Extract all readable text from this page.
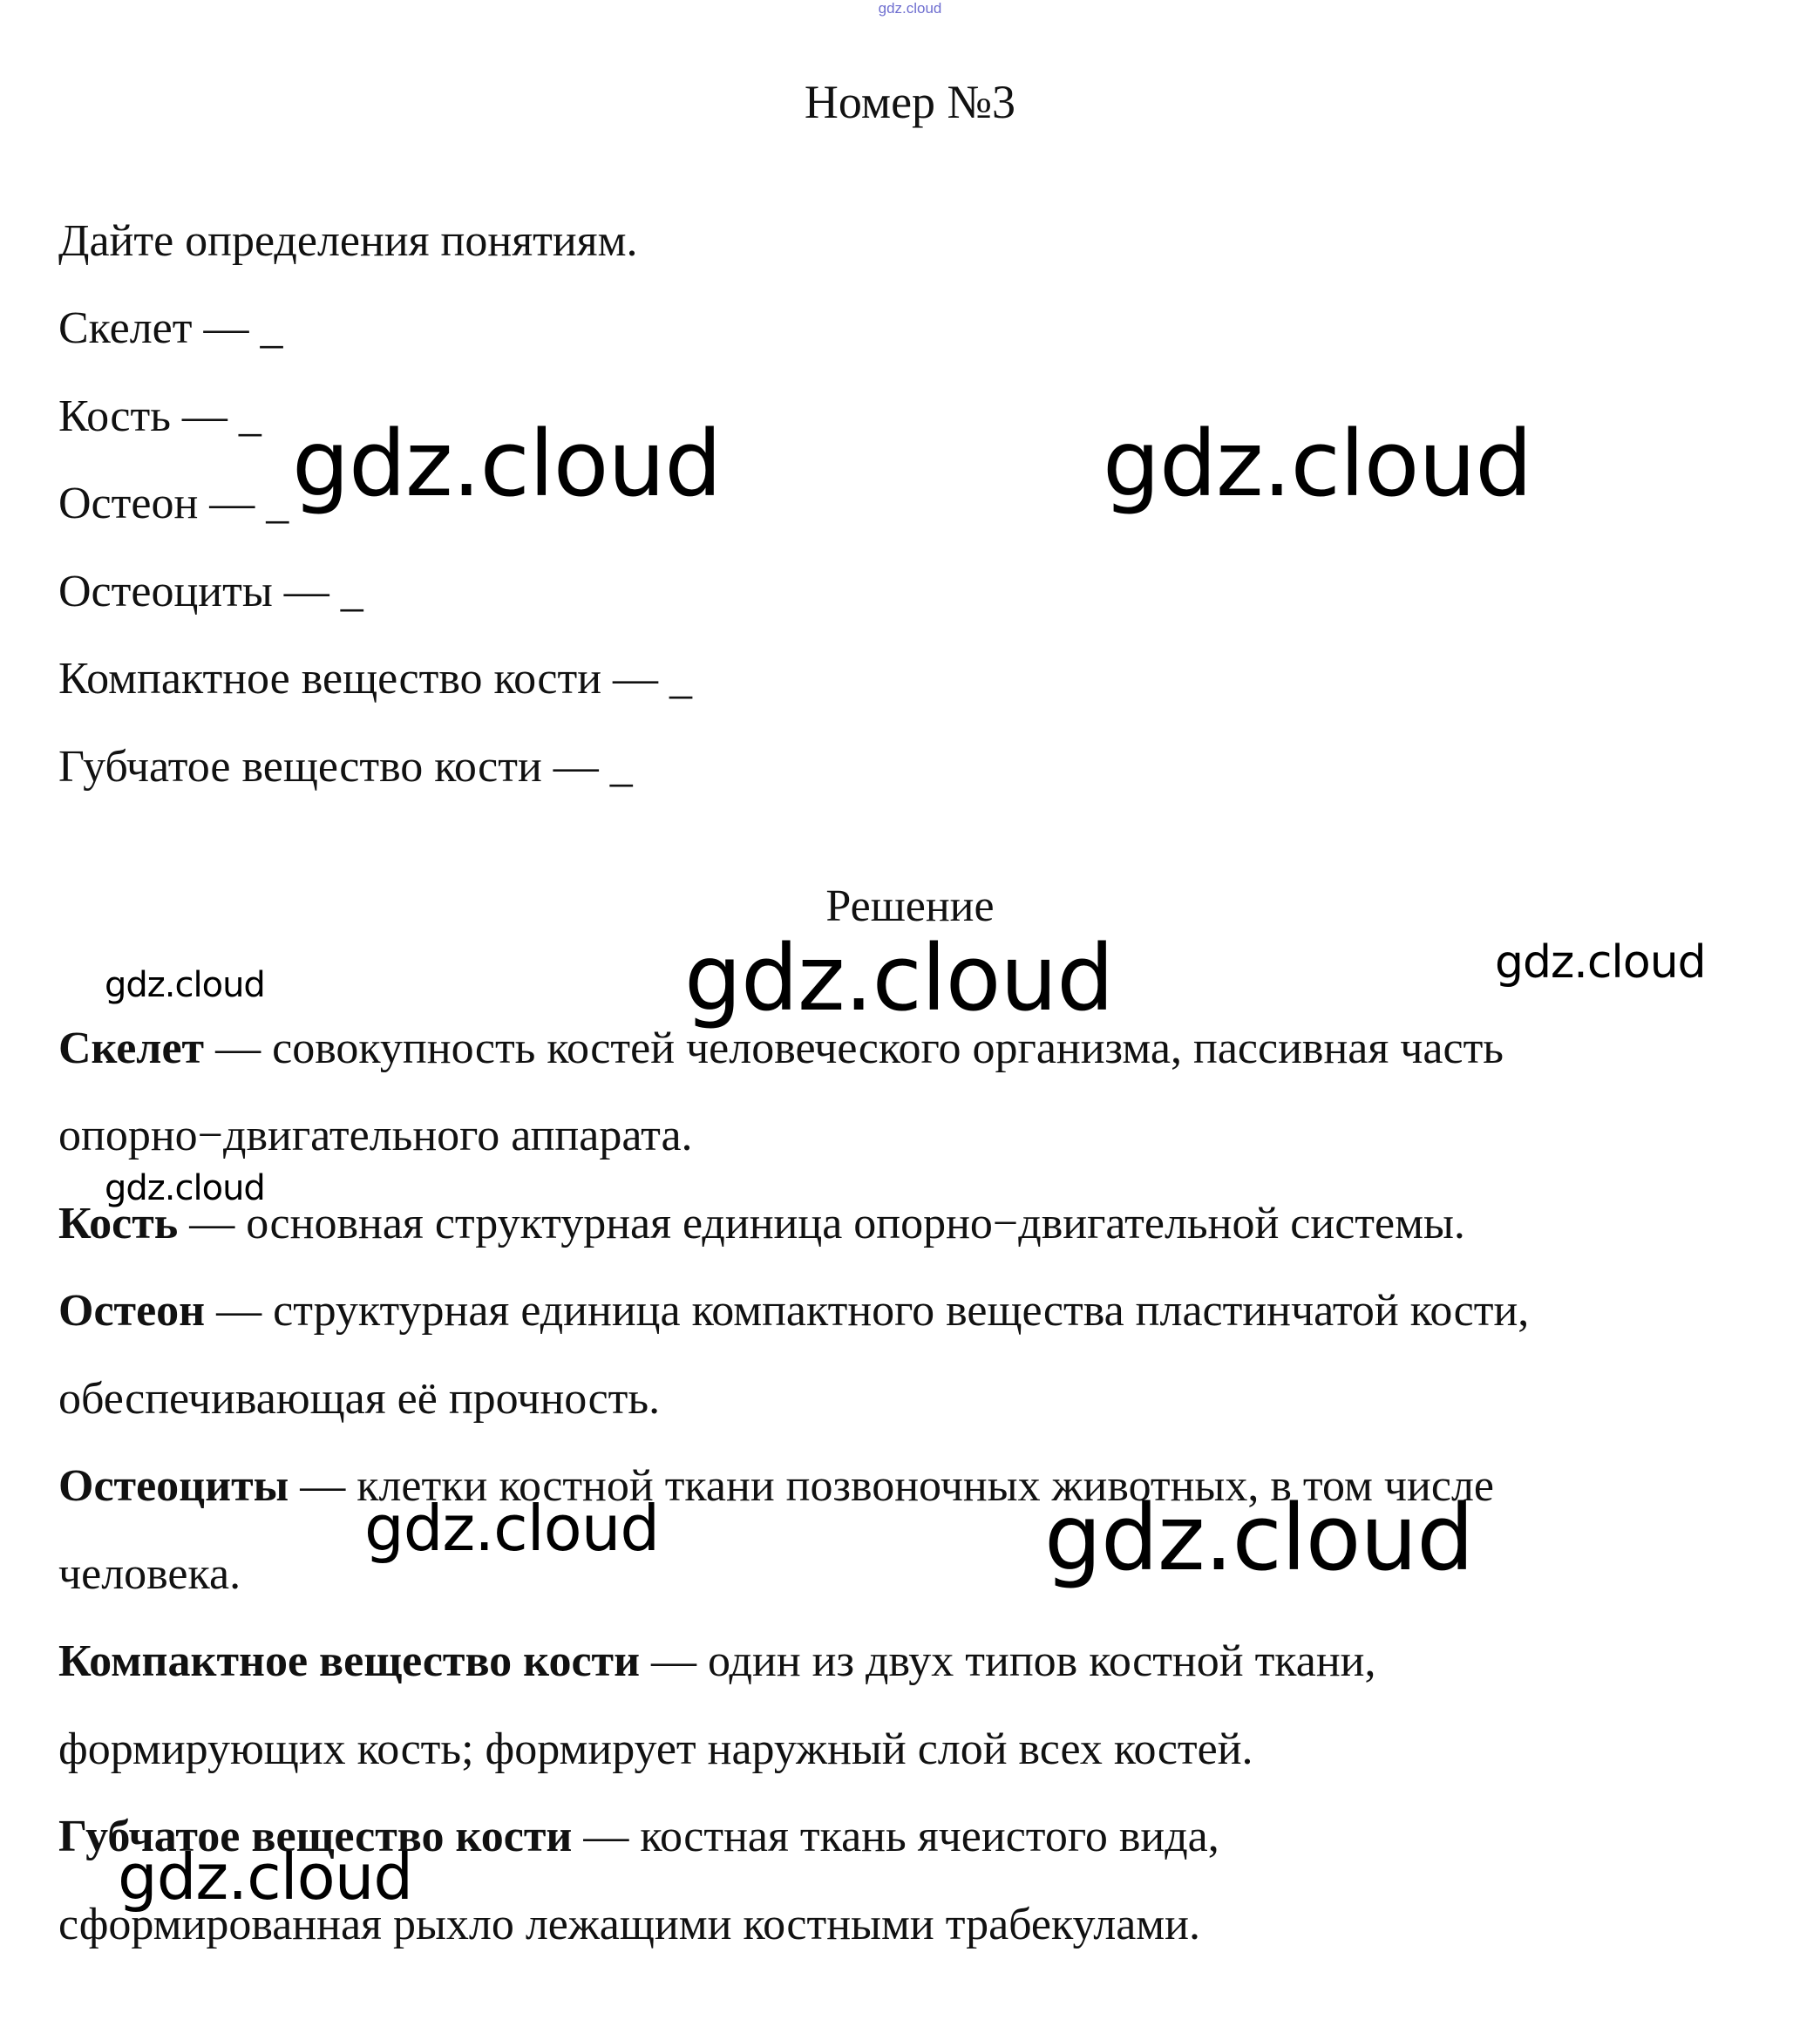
gdz.cloud
Номер №3
Дайте определения понятиям.
Скелет — _
Кость — _
Остеон — _
Остеоциты — _
Компактное вещество кости — _
Губчатое вещество кости — _
Решение
Скелет — совокупность костей человеческого организма, пассивная часть
опорно−двигательного аппарата.
Кость — основная структурная единица опорно−двигательной системы.
Остеон — структурная единица компактного вещества пластинчатой кости,
обеспечивающая её прочность.
Остеоциты — клетки костной ткани позвоночных животных, в том числе
человека.
Компактное вещество кости — один из двух типов костной ткани,
формирующих кость; формирует наружный слой всех костей.
Губчатое вещество кости — костная ткань ячеистого вида,
сформированная рыхло лежащими костными трабекулами.
gdz.cloud	gdz.cloud
gdz.cloud	gdz.cloud	gdz.cloud
gdz.cloud
gdz.cloud	gdz.cloud
gdz.cloud
